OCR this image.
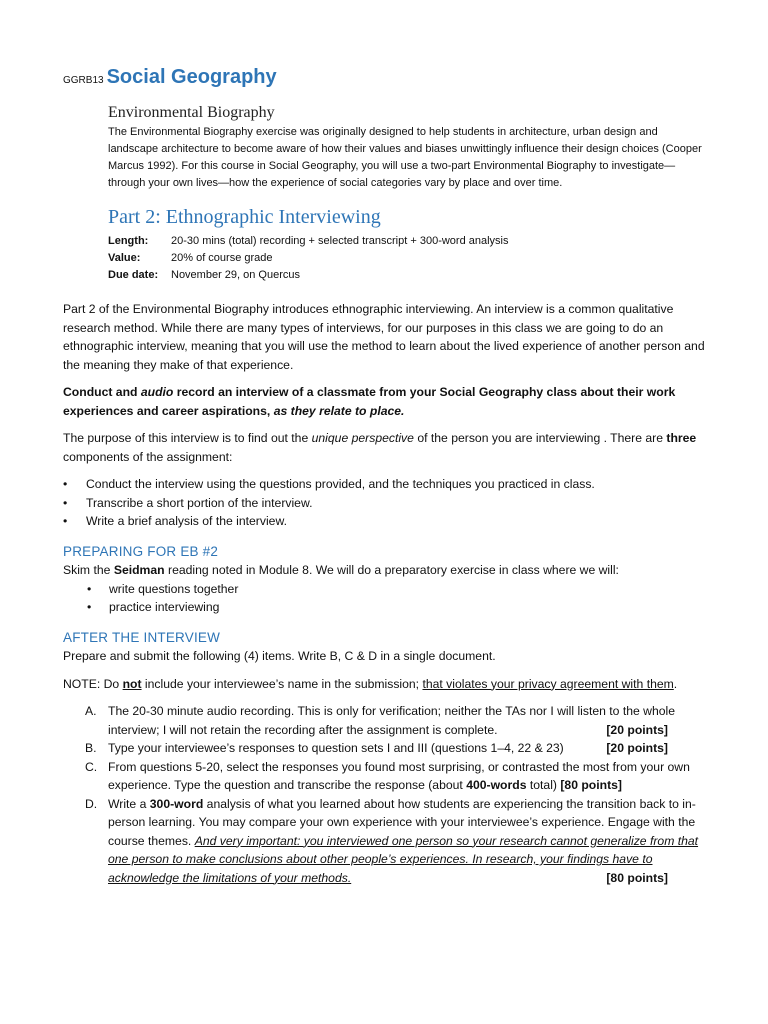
GGRB13 Social Geography
Environmental Biography

The Environmental Biography exercise was originally designed to help students in architecture, urban design and landscape architecture to become aware of how their values and biases unwittingly influence their design choices (Cooper Marcus 1992). For this course in Social Geography, you will use a two-part Environmental Biography to investigate—through your own lives—how the experience of social categories vary by place and over time.

Part 2: Ethnographic Interviewing
Length: 20-30 mins (total) recording + selected transcript + 300-word analysis
Value:	20% of course grade
Due date: November 29, on Quercus

Part 2 of the Environmental Biography introduces ethnographic interviewing. An interview is a common qualitative research method. While there are many types of interviews, for our purposes in this class we are going to do an ethnographic interview, meaning that you will use the method to learn about the lived experience of another person and the meaning they make of that experience.

Conduct and audio record an interview of a classmate from your Social Geography class about their work experiences and career aspirations, as they relate to place.

The purpose of this interview is to find out the unique perspective of the person you are interviewing . There are three components of the assignment:

• Conduct the interview using the questions provided, and the techniques you practiced in class.
• Transcribe a short portion of the interview.
• Write a brief analysis of the interview.
PREPARING FOR EB #2

Skim the Seidman reading noted in Module 8. We will do a preparatory exercise in class where we will:

• write questions together
• practice interviewing
AFTER THE INTERVIEW

Prepare and submit the following (4) items. Write B, C & D in a single document.

NOTE: Do not include your interviewee’s name in the submission; that violates your privacy agreement with them.

A. The 20-30 minute audio recording. This is only for verification; neither the TAs nor I will listen to the whole interview; I will not retain the recording after the assignment is complete.	[20 points]
B. Type your interviewee’s responses to question sets I and III (questions 1–4, 22 & 23)	[20 points]
C. From questions 5-20, select the responses you found most surprising, or contrasted the most from your own experience. Type the question and transcribe the response (about 400-words total) [80 points]
D. Write a 300-word analysis of what you learned about how students are experiencing the transition back to in-person learning. You may compare your own experience with your interviewee’s experience. Engage with the course themes. And very important: you interviewed one person so your research cannot generalize from that one person to make conclusions about other people’s experiences. In research, your findings have to acknowledge the limitations of your methods.	[80 points]
